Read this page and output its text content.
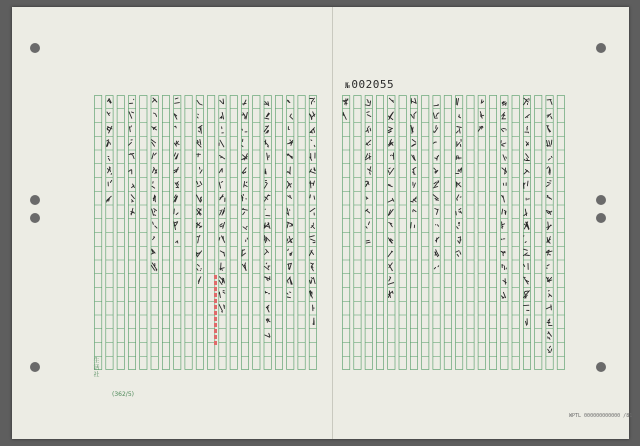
№002055
生活社
(362/5)
WPTL 000000000000 /81
